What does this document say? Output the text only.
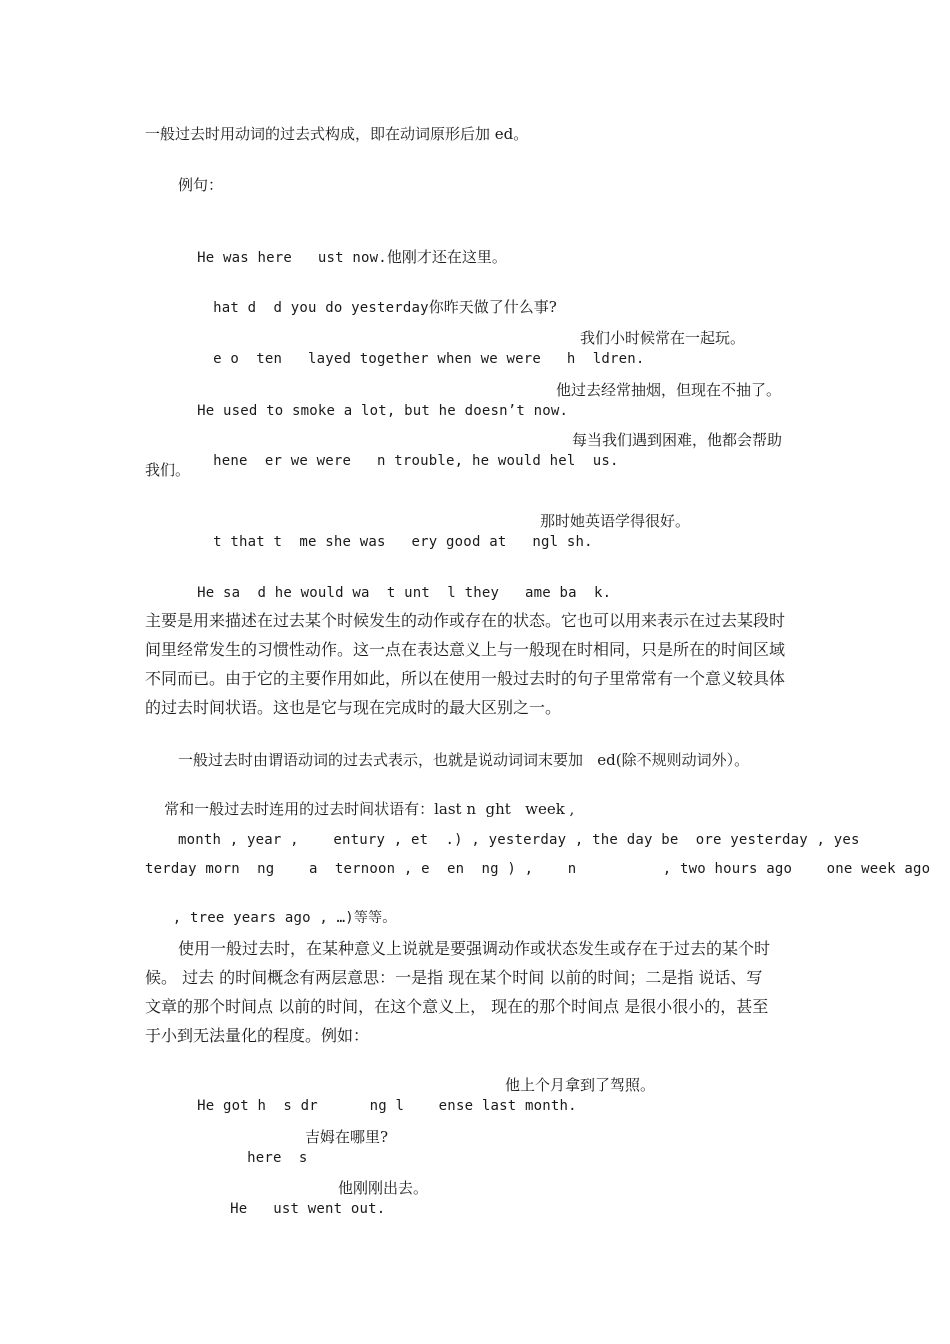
一般过去时用动词的过去式构成，即在动词原形后加 ed。
例句：

He was here   ust now.他刚才还在这里。

hat d  d you do yesterday你昨天做了什么事?

e o  ten   layed together when we were   h  ldren.

我们小时候常在一起玩。

He used to smoke a lot, but he doesn’t now.

他过去经常抽烟，但现在不抽了。

hene  er we were   n trouble, he would hel  us.

每当我们遇到困难，他都会帮助
我们。

t that t  me she was   ery good at   ngl sh.

那时她英语学得很好。

He sa  d he would wa  t unt  l they   ame ba  k.

主要是用来描述在过去某个时候发生的动作或存在的状态。它也可以用来表示在过去某段时
间里经常发生的习惯性动作。这一点在表达意义上与一般现在时相同，只是所在的时间区域
不同而已。由于它的主要作用如此，所以在使用一般过去时的句子里常常有一个意义较具体
的过去时间状语。这也是它与现在完成时的最大区别之一。
一般过去时由谓语动词的过去式表示，也就是说动词词末要加   ed(除不规则动词外）。

常和一般过去时连用的过去时间状语有：last n  ght   week ,

month , year ,    entury , et  .) , yesterday , the day be  ore yesterday , yes
terday morn  ng    a  ternoon , e  en  ng ) ,    n          , two hours ago    one week ago

, tree years ago , …)等等。

使用一般过去时，在某种意义上说就是要强调动作或状态发生或存在于过去的某个时
候。 过去 的时间概念有两层意思：一是指 现在某个时间 以前的时间；二是指 说话、写
文章的那个时间点 以前的时间，在这个意义上， 现在的那个时间点 是很小很小的，甚至
于小到无法量化的程度。例如：

He got h  s dr      ng l    ense last month.

他上个月拿到了驾照。

here  s

吉姆在哪里?

He   ust went out.

他刚刚出去。
